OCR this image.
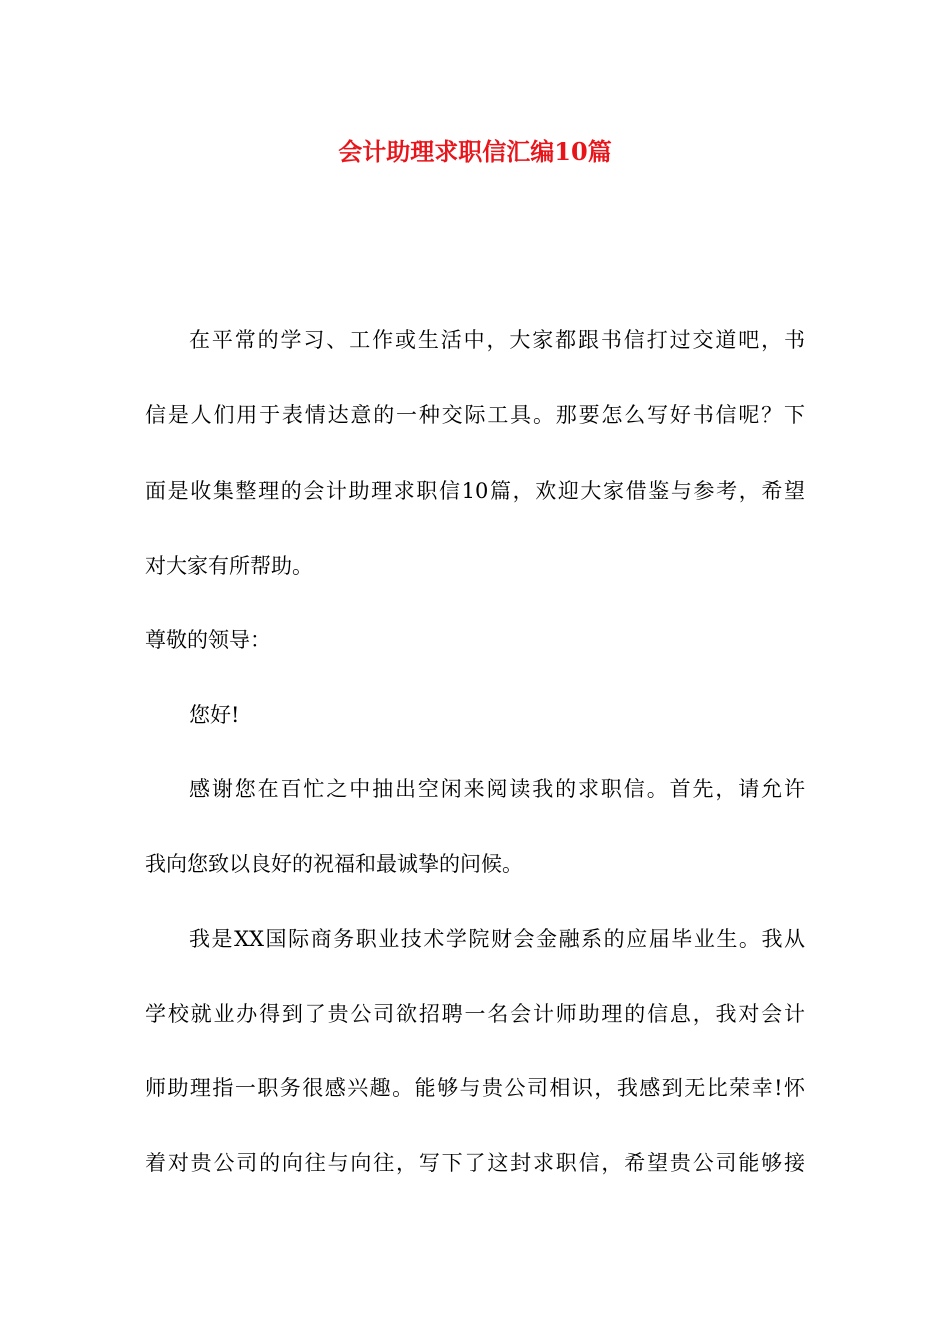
会计助理求职信汇编10篇
在平常的学习、工作或生活中，大家都跟书信打过交道吧，书
信是人们用于表情达意的一种交际工具。那要怎么写好书信呢？下
面是收集整理的会计助理求职信10篇，欢迎大家借鉴与参考，希望
对大家有所帮助。
尊敬的领导：
您好!
感谢您在百忙之中抽出空闲来阅读我的求职信。首先，请允许
我向您致以良好的祝福和最诚挚的问候。
我是XX国际商务职业技术学院财会金融系的应届毕业生。我从
学校就业办得到了贵公司欲招聘一名会计师助理的信息，我对会计
师助理指一职务很感兴趣。能够与贵公司相识，我感到无比荣幸!怀
着对贵公司的向往与向往，写下了这封求职信，希望贵公司能够接
